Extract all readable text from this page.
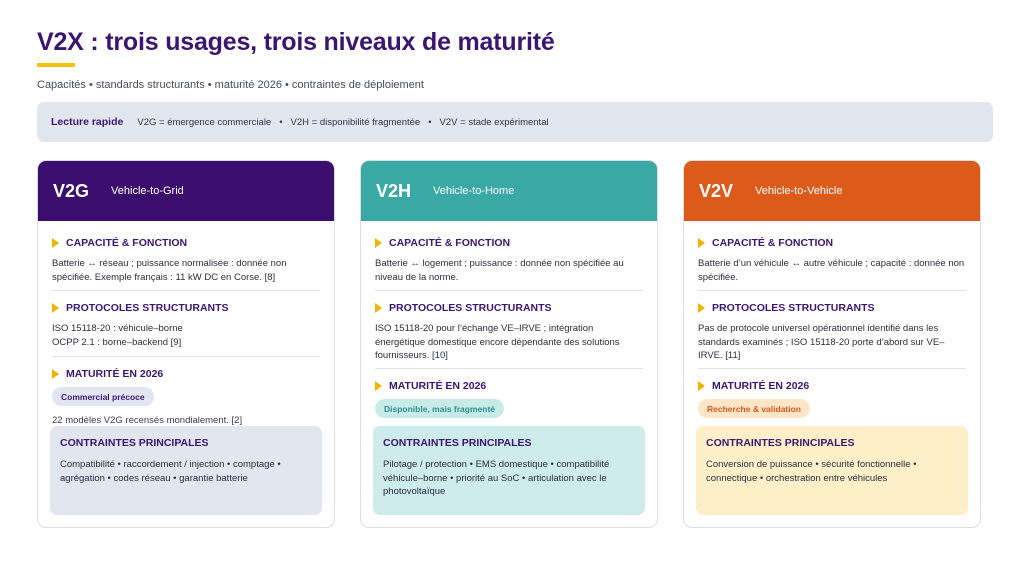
V2X : trois usages, trois niveaux de maturité
Capacités • standards structurants • maturité 2026 • contraintes de déploiement
Lecture rapide V2G = émergence commerciale • V2H = disponibilité fragmentée • V2V = stade expérimental
V2G Vehicle-to-Grid
CAPACITÉ & FONCTION
Batterie ↔ réseau ; puissance normalisée : donnée non spécifiée. Exemple français : 11 kW DC en Corse. [8]
PROTOCOLES STRUCTURANTS
ISO 15118-20 : véhicule–borne
OCPP 2.1 : borne–backend [9]
MATURITÉ EN 2026
Commercial précoce
22 modèles V2G recensés mondialement. [2]
CONTRAINTES PRINCIPALES
Compatibilité • raccordement / injection • comptage • agrégation • codes réseau • garantie batterie
V2H Vehicle-to-Home
CAPACITÉ & FONCTION
Batterie ↔ logement ; puissance : donnée non spécifiée au niveau de la norme.
PROTOCOLES STRUCTURANTS
ISO 15118-20 pour l’échange VE–IRVE ; intégration énergétique domestique encore dépendante des solutions fournisseurs. [10]
MATURITÉ EN 2026
Disponible, mais fragmenté
CONTRAINTES PRINCIPALES
Pilotage / protection • EMS domestique • compatibilité véhicule–borne • priorité au SoC • articulation avec le photovoltaïque
V2V Vehicle-to-Vehicle
CAPACITÉ & FONCTION
Batterie d’un véhicule ↔ autre véhicule ; capacité : donnée non spécifiée.
PROTOCOLES STRUCTURANTS
Pas de protocole universel opérationnel identifié dans les standards examinés ; ISO 15118-20 porte d’abord sur VE–IRVE. [11]
MATURITÉ EN 2026
Recherche & validation
CONTRAINTES PRINCIPALES
Conversion de puissance • sécurité fonctionnelle • connectique • orchestration entre véhicules
